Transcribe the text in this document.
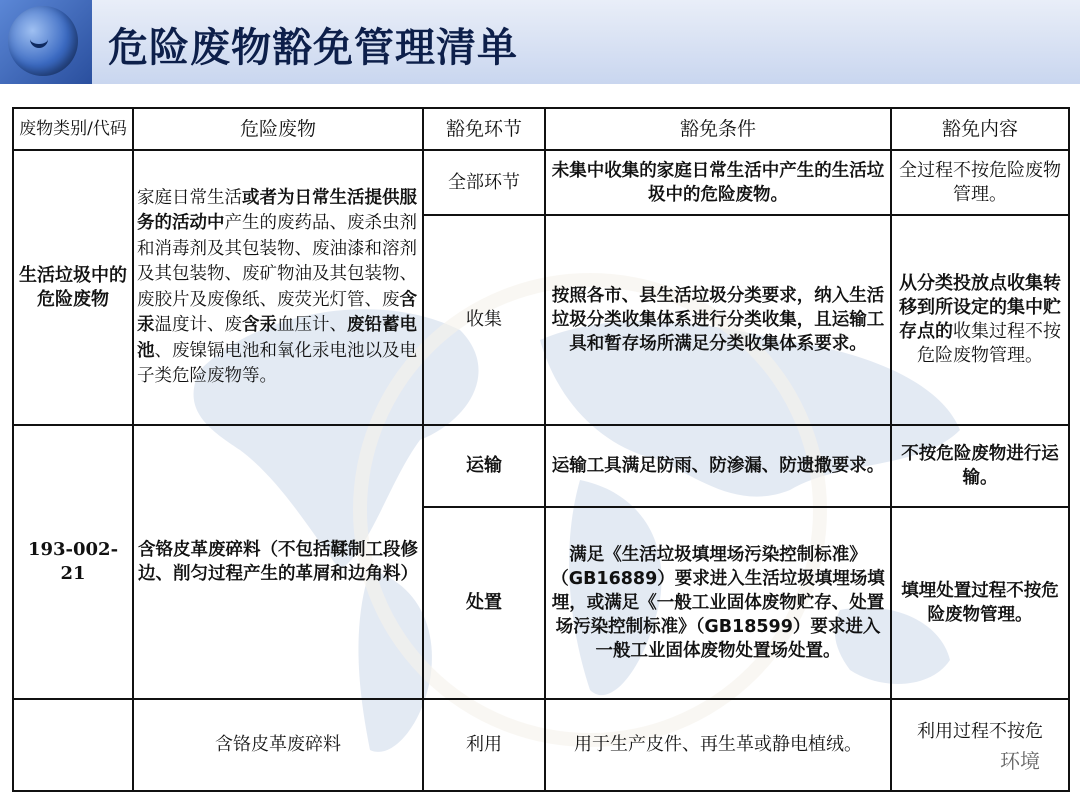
危险废物豁免管理清单
废物类别/代码	危险废物	豁免环节	豁免条件	豁免内容
生活垃圾中的危险废物	家庭日常生活或者为日常生活提供服务的活动中产生的废药品、废杀虫剂和消毒剂及其包装物、废油漆和溶剂及其包装物、废矿物油及其包装物、废胶片及废像纸、废荧光灯管、废含汞温度计、废含汞血压计、废铅蓄电池、废镍镉电池和氧化汞电池以及电子类危险废物等。	全部环节	未集中收集的家庭日常生活中产生的生活垃圾中的危险废物。	全过程不按危险废物管理。
		收集	按照各市、县生活垃圾分类要求，纳入生活垃圾分类收集体系进行分类收集，且运输工具和暂存场所满足分类收集体系要求。	从分类投放点收集转移到所设定的集中贮存点的收集过程不按危险废物管理。
193-002-21	含铬皮革废碎料（不包括鞣制工段修边、削匀过程产生的革屑和边角料）	运输	运输工具满足防雨、防渗漏、防遗撒要求。	不按危险废物进行运输。
		处置	满足《生活垃圾填埋场污染控制标准》（GB16889）要求进入生活垃圾填埋场填埋，或满足《一般工业固体废物贮存、处置场污染控制标准》（GB18599）要求进入一般工业固体废物处置场处置。	填埋处置过程不按危险废物管理。
	含铬皮革废碎料	利用	用于生产皮件、再生革或静电植绒。	利用过程不按危
环境
